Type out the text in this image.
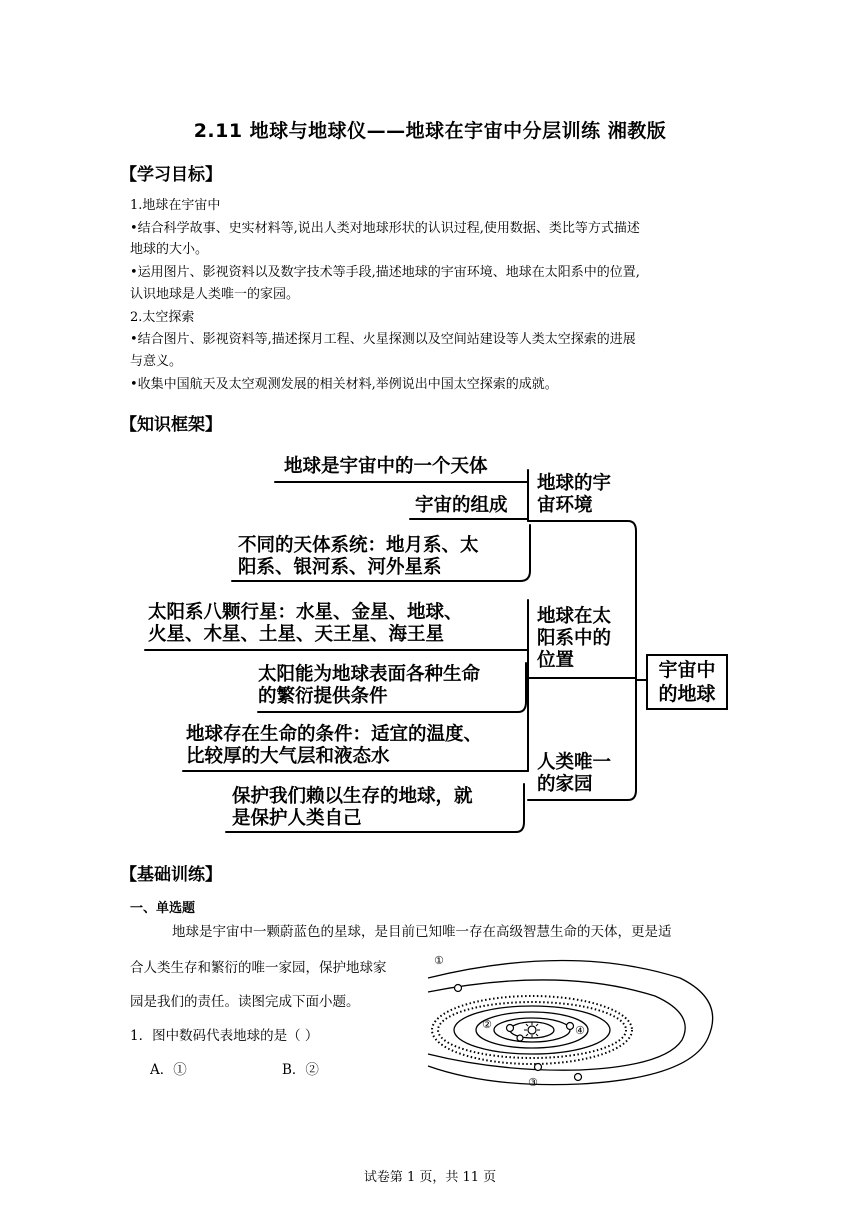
2.11 地球与地球仪——地球在宇宙中分层训练 湘教版
【学习目标】
1.地球在宇宙中
•结合科学故事、史实材料等,说出人类对地球形状的认识过程,使用数据、类比等方式描述
地球的大小。
•运用图片、影视资料以及数字技术等手段,描述地球的宇宙环境、地球在太阳系中的位置,
认识地球是人类唯一的家园。
2.太空探索
•结合图片、影视资料等,描述探月工程、火星探测以及空间站建设等人类太空探索的进展
与意义。
•收集中国航天及太空观测发展的相关材料,举例说出中国太空探索的成就。
【知识框架】
地球是宇宙中的一个天体
宇宙的组成
不同的天体系统：地月系、太
阳系、银河系、河外星系
太阳系八颗行星：水星、金星、地球、
火星、木星、土星、天王星、海王星
太阳能为地球表面各种生命
的繁衍提供条件
地球存在生命的条件：适宜的温度、
比较厚的大气层和液态水
保护我们赖以生存的地球，就
是保护人类自己
地球的宇
宙环境
地球在太
阳系中的
位置
人类唯一
的家园
宇宙中
的地球
【基础训练】
一、单选题
地球是宇宙中一颗蔚蓝色的星球，是目前已知唯一存在高级智慧生命的天体，更是适
合人类生存和繁衍的唯一家园，保护地球家
园是我们的责任。读图完成下面小题。
1．图中数码代表地球的是（ ）
A．①	B．②
①
②
③
④
试卷第 1 页，共 11 页
